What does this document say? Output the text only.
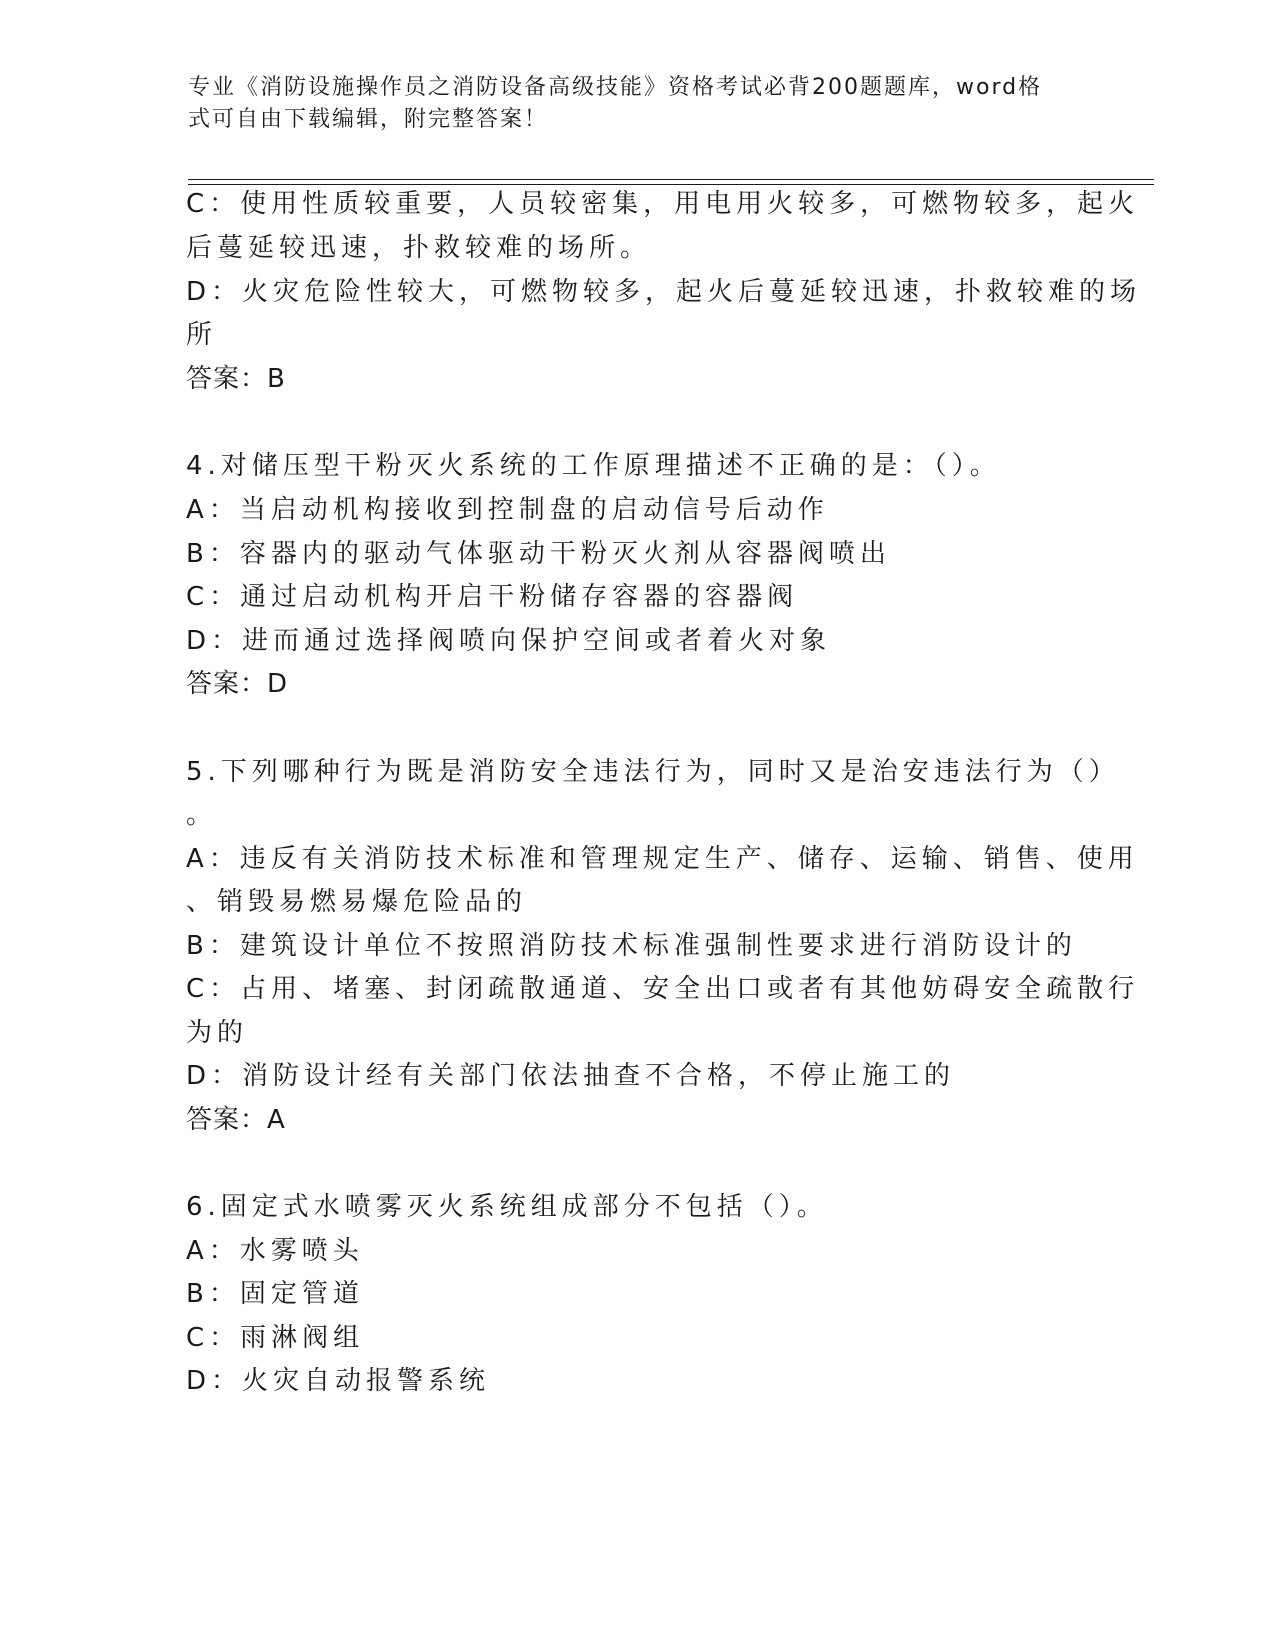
专业《消防设施操作员之消防设备高级技能》资格考试必背200题题库，word格
式可自由下载编辑，附完整答案！
C：使用性质较重要，人员较密集，用电用火较多，可燃物较多，起火
后蔓延较迅速，扑救较难的场所。
D：火灾危险性较大，可燃物较多，起火后蔓延较迅速，扑救较难的场
所
答案：B
4.对储压型干粉灭火系统的工作原理描述不正确的是：（）。
A：当启动机构接收到控制盘的启动信号后动作
B：容器内的驱动气体驱动干粉灭火剂从容器阀喷出
C：通过启动机构开启干粉储存容器的容器阀
D：进而通过选择阀喷向保护空间或者着火对象
答案：D
5.下列哪种行为既是消防安全违法行为，同时又是治安违法行为（）
。
A：违反有关消防技术标准和管理规定生产、储存、运输、销售、使用
、销毁易燃易爆危险品的
B：建筑设计单位不按照消防技术标准强制性要求进行消防设计的
C：占用、堵塞、封闭疏散通道、安全出口或者有其他妨碍安全疏散行
为的
D：消防设计经有关部门依法抽查不合格，不停止施工的
答案：A
6.固定式水喷雾灭火系统组成部分不包括（）。
A：水雾喷头
B：固定管道
C：雨淋阀组
D：火灾自动报警系统
